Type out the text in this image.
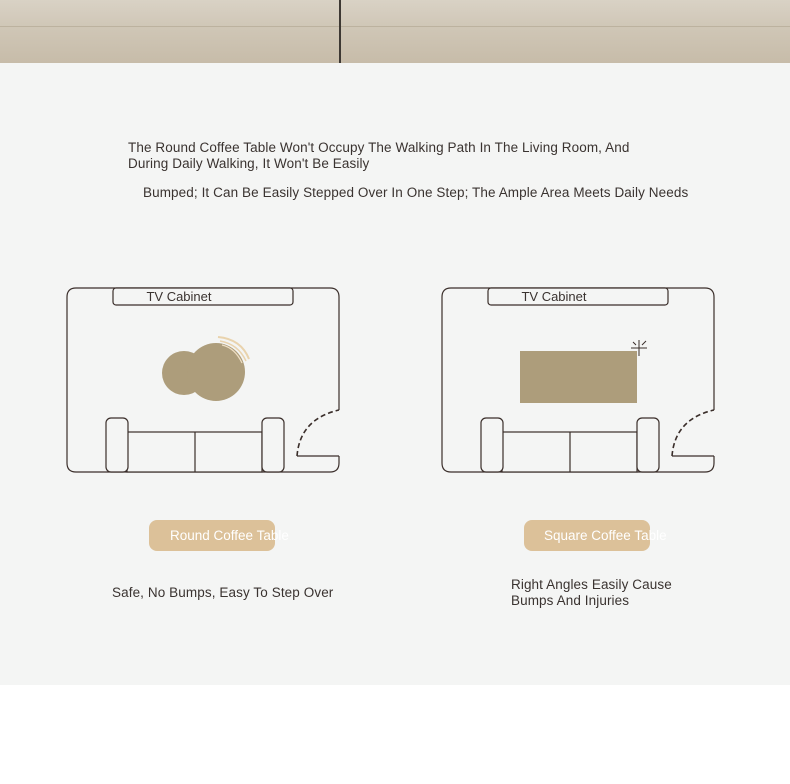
The Round Coffee Table Won't Occupy The Walking Path In The Living Room, And During Daily Walking, It Won't Be Easily
Bumped; It Can Be Easily Stepped Over In One Step; The Ample Area Meets Daily Needs
TV Cabinet	TV Cabinet
Round Coffee Table	Square Coffee Table
Safe, No Bumps, Easy To Step Over
Right Angles Easily Cause Bumps And Injuries
